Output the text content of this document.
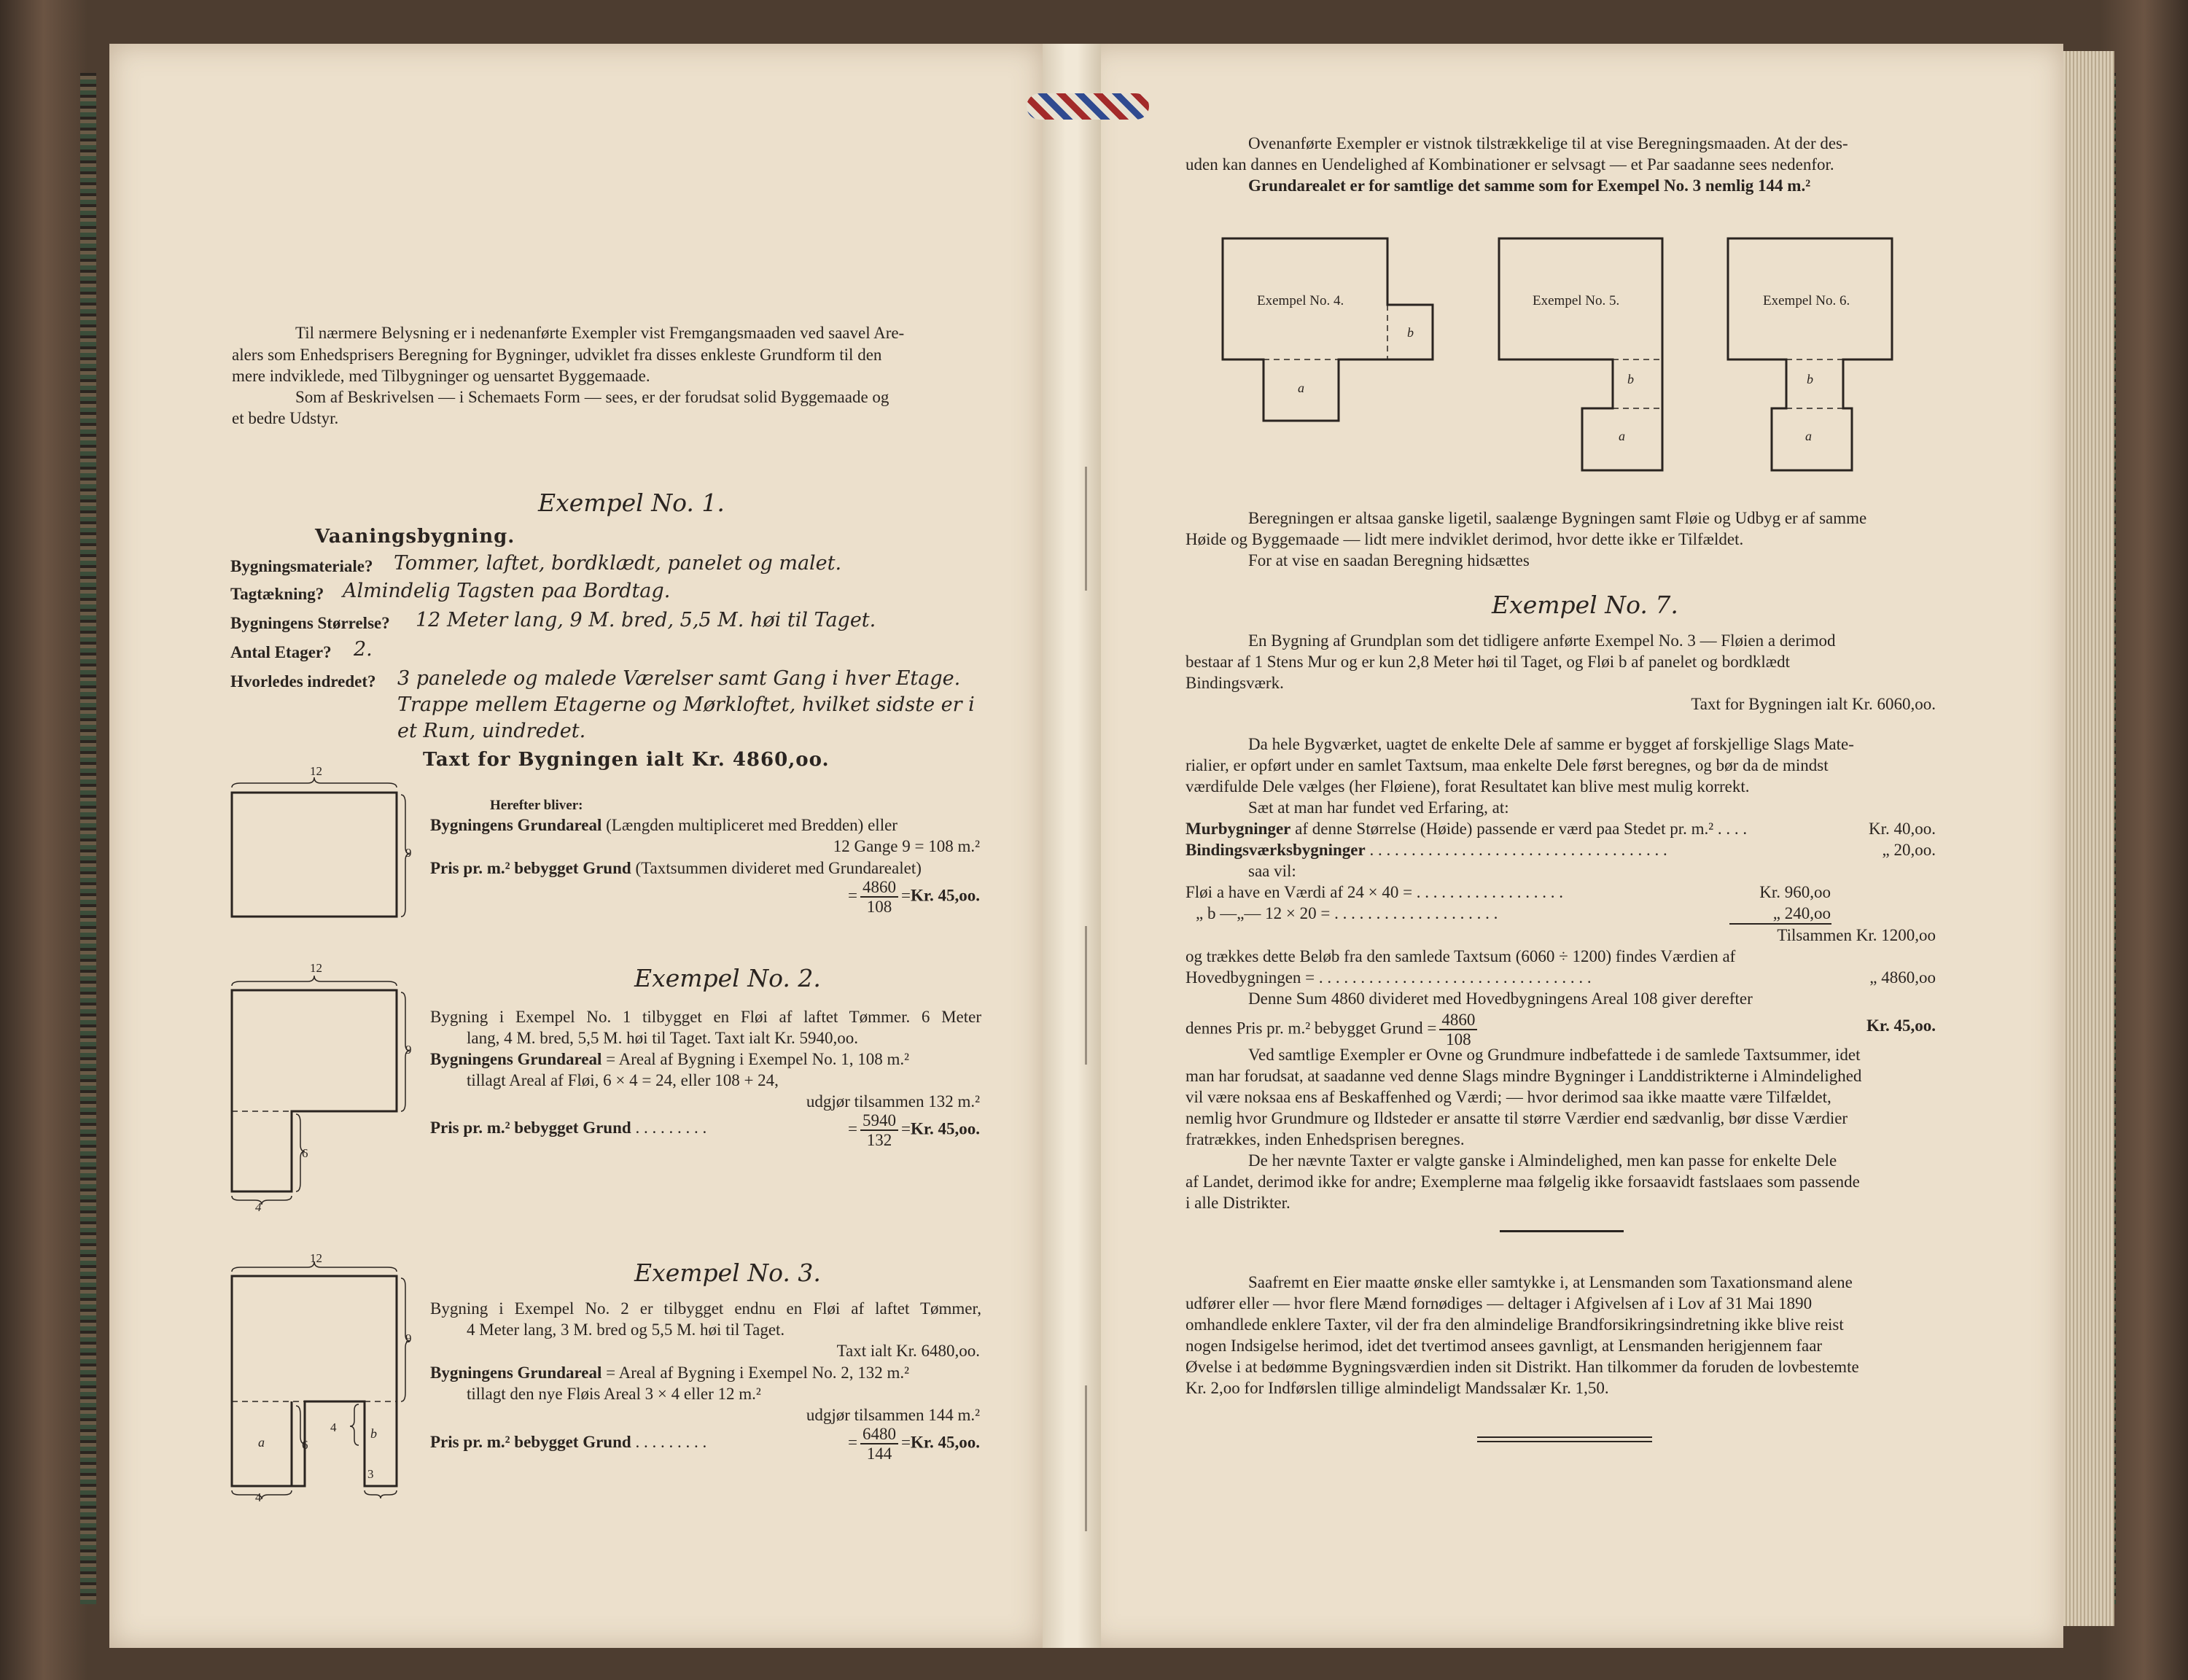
Til nærmere Belysning er i nedenanførte Exempler vist Fremgangsmaaden ved saavel Are-
alers som Enhedsprisers Beregning for Bygninger, udviklet fra disses enkleste Grundform til den
mere indviklede, med Tilbygninger og uensartet Byggemaade.
Som af Beskrivelsen — i Schemaets Form — sees, er der forudsat solid Byggemaade og
et bedre Udstyr.
Exempel No. 1.
Vaaningsbygning.
Bygningsmateriale? Tommer, laftet, bordklædt, panelet og malet.
Tagtækning? Almindelig Tagsten paa Bordtag.
Bygningens Størrelse? 12 Meter lang, 9 M. bred, 5,5 M. høi til Taget.
Antal Etager? 2.
Hvorledes indredet? 3 panelede og malede Værelser samt Gang i hver Etage.
Trappe mellem Etagerne og Mørkloftet, hvilket sidste er i
et Rum, uindredet.
Taxt for Bygningen ialt Kr. 4860,oo.
12
9
Herefter bliver:
Bygningens Grundareal (Længden multipliceret med Bredden) eller
12 Gange 9 = 108 m.²
Pris pr. m.² bebygget Grund (Taxtsummen divideret med Grundarealet)
= $\frac{4860}{108} =Kr$. 45,oo.
Exempel No. 2.
12
9
6
4
Bygning i Exempel No. 1 tilbygget en Fløi af laftet Tømmer. 6 Meter
lang, 4 M. bred, 5,5 M. høi til Taget. Taxt ialt Kr. 5940,oo.
Bygningens Grundareal = Areal af Bygning i Exempel No. 1, 108 m.²
tillagt Areal af Fløi, 6 × 4 = 24, eller 108 + 24,
udgjør tilsammen 132 m.²
Pris pr. m.² bebygget Grund . . . . . . . . .	= $\frac{5940}{132} =Kr$. 45,oo.
Exempel No. 3.
12
9
a
b
6
4
3
4
Bygning i Exempel No. 2 er tilbygget endnu en Fløi af laftet Tømmer,
4 Meter lang, 3 M. bred og 5,5 M. høi til Taget.
Taxt ialt Kr. 6480,oo.
Bygningens Grundareal = Areal af Bygning i Exempel No. 2, 132 m.²
tillagt den nye Fløis Areal 3 × 4 eller 12 m.²
udgjør tilsammen 144 m.²
Pris pr. m.² bebygget Grund . . . . . . . . .	= $\frac{6480}{144} =Kr$. 45,oo.
Ovenanførte Exempler er vistnok tilstrækkelige til at vise Beregningsmaaden. At der des-
uden kan dannes en Uendelighed af Kombinationer er selvsagt — et Par saadanne sees nedenfor.
Grundarealet er for samtlige det samme som for Exempel No. 3 nemlig 144 m.²
Exempel No. 4.
a
b
Exempel No. 5.
b
a
Exempel No. 6.
b
a
Beregningen er altsaa ganske ligetil, saalænge Bygningen samt Fløie og Udbyg er af samme
Høide og Byggemaade — lidt mere indviklet derimod, hvor dette ikke er Tilfældet.
For at vise en saadan Beregning hidsættes
Exempel No. 7.
En Bygning af Grundplan som det tidligere anførte Exempel No. 3 — Fløien a derimod
bestaar af 1 Stens Mur og er kun 2,8 Meter høi til Taget, og Fløi b af panelet og bordklædt
Bindingsværk.
Taxt for Bygningen ialt Kr. 6060,oo.
Da hele Bygværket, uagtet de enkelte Dele af samme er bygget af forskjellige Slags Mate-
rialier, er opført under en samlet Taxtsum, maa enkelte Dele først beregnes, og bør da de mindst
værdifulde Dele vælges (her Fløiene), forat Resultatet kan blive mest mulig korrekt.
Sæt at man har fundet ved Erfaring, at:
Murbygninger af denne Størrelse (Høide) passende er værd paa Stedet pr. m.² . . . .	Kr. 40,oo.
Bindingsværksbygninger . . . . . . . . . . . . . . . . . . . . . . . . . . . . . . . . . . . .	„ 20,oo.
saa vil:
Fløi a have en Værdi af 24 × 40 = . . . . . . . . . . . . . . . . . .	Kr. 960,oo
„ b —„— 12 × 20 = . . . . . . . . . . . . . . . . . . . .	„ 240,oo
Tilsammen Kr. 1200,oo
og trækkes dette Beløb fra den samlede Taxtsum (6060 ÷ 1200) findes Værdien af
Hovedbygningen = . . . . . . . . . . . . . . . . . . . . . . . . . . . . . . . . .	„ 4860,oo
Denne Sum 4860 divideret med Hovedbygningens Areal 108 giver derefter
dennes Pris pr. m.² bebygget Grund = $\frac{4860}{108}$	Kr. 45,oo.
Ved samtlige Exempler er Ovne og Grundmure indbefattede i de samlede Taxtsummer, idet
man har forudsat, at saadanne ved denne Slags mindre Bygninger i Landdistrikterne i Almindelighed
vil være noksaa ens af Beskaffenhed og Værdi; — hvor derimod saa ikke maatte være Tilfældet,
nemlig hvor Grundmure og Ildsteder er ansatte til større Værdier end sædvanlig, bør disse Værdier
fratrækkes, inden Enhedsprisen beregnes.
De her nævnte Taxter er valgte ganske i Almindelighed, men kan passe for enkelte Dele
af Landet, derimod ikke for andre; Exemplerne maa følgelig ikke forsaavidt fastslaaes som passende
i alle Distrikter.
Saafremt en Eier maatte ønske eller samtykke i, at Lensmanden som Taxationsmand alene
udfører eller — hvor flere Mænd fornødiges — deltager i Afgivelsen af i Lov af 31 Mai 1890
omhandlede enklere Taxter, vil der fra den almindelige Brandforsikringsindretning ikke blive reist
nogen Indsigelse herimod, idet det tvertimod ansees gavnligt, at Lensmanden herigjennem faar
Øvelse i at bedømme Bygningsværdien inden sit Distrikt. Han tilkommer da foruden de lovbestemte
Kr. 2,oo for Indførslen tillige almindeligt Mandssalær Kr. 1,50.
